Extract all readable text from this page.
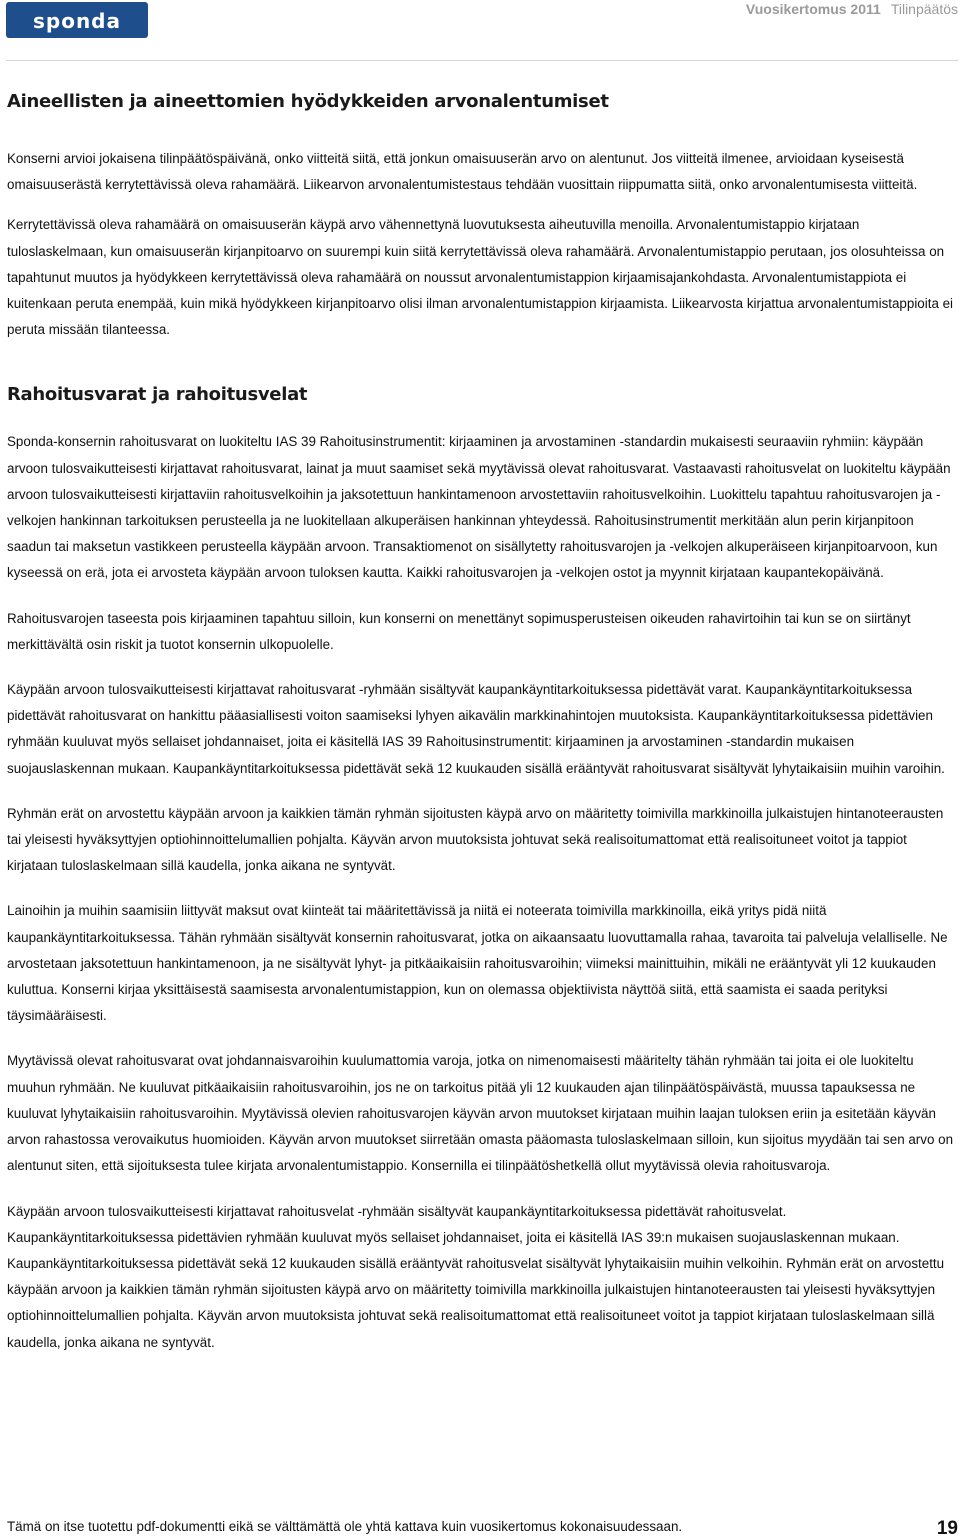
sponda	Vuosikertomus 2011 Tilinpäätös
Aineellisten ja aineettomien hyödykkeiden arvonalentumiset

Konserni arvioi jokaisena tilinpäätöspäivänä, onko viitteitä siitä, että jonkun omaisuuserän arvo on alentunut. Jos viitteitä ilmenee, arvioidaan kyseisestä omaisuuserästä kerrytettävissä oleva rahamäärä. Liikearvon arvonalentumistestaus tehdään vuosittain riippumatta siitä, onko arvonalentumisesta viitteitä.

Kerrytettävissä oleva rahamäärä on omaisuuserän käypä arvo vähennettynä luovutuksesta aiheutuvilla menoilla. Arvonalentumistappio kirjataan tuloslaskelmaan, kun omaisuuserän kirjanpitoarvo on suurempi kuin siitä kerrytettävissä oleva rahamäärä. Arvonalentumistappio perutaan, jos olosuhteissa on tapahtunut muutos ja hyödykkeen kerrytettävissä oleva rahamäärä on noussut arvonalentumistappion kirjaamisajankohdasta. Arvonalentumistappiota ei kuitenkaan peruta enempää, kuin mikä hyödykkeen kirjanpitoarvo olisi ilman arvonalentumistappion kirjaamista. Liikearvosta kirjattua arvonalentumistappioita ei peruta missään tilanteessa.

Rahoitusvarat ja rahoitusvelat

Sponda-konsernin rahoitusvarat on luokiteltu IAS 39 Rahoitusinstrumentit: kirjaaminen ja arvostaminen -standardin mukaisesti seuraaviin ryhmiin: käypään arvoon tulosvaikutteisesti kirjattavat rahoitusvarat, lainat ja muut saamiset sekä myytävissä olevat rahoitusvarat. Vastaavasti rahoitusvelat on luokiteltu käypään arvoon tulosvaikutteisesti kirjattaviin rahoitusvelkoihin ja jaksotettuun hankintamenoon arvostettaviin rahoitusvelkoihin. Luokittelu tapahtuu rahoitusvarojen ja -velkojen hankinnan tarkoituksen perusteella ja ne luokitellaan alkuperäisen hankinnan yhteydessä. Rahoitusinstrumentit merkitään alun perin kirjanpitoon saadun tai maksetun vastikkeen perusteella käypään arvoon. Transaktiomenot on sisällytetty rahoitusvarojen ja -velkojen alkuperäiseen kirjanpitoarvoon, kun kyseessä on erä, jota ei arvosteta käypään arvoon tuloksen kautta. Kaikki rahoitusvarojen ja -velkojen ostot ja myynnit kirjataan kaupantekopäivänä.

Rahoitusvarojen taseesta pois kirjaaminen tapahtuu silloin, kun konserni on menettänyt sopimusperusteisen oikeuden rahavirtoihin tai kun se on siirtänyt merkittävältä osin riskit ja tuotot konsernin ulkopuolelle.

Käypään arvoon tulosvaikutteisesti kirjattavat rahoitusvarat -ryhmään sisältyvät kaupankäyntitarkoituksessa pidettävät varat. Kaupankäyntitarkoituksessa pidettävät rahoitusvarat on hankittu pääasiallisesti voiton saamiseksi lyhyen aikavälin markkinahintojen muutoksista. Kaupankäyntitarkoituksessa pidettävien ryhmään kuuluvat myös sellaiset johdannaiset, joita ei käsitellä IAS 39 Rahoitusinstrumentit: kirjaaminen ja arvostaminen -standardin mukaisen suojauslaskennan mukaan. Kaupankäyntitarkoituksessa pidettävät sekä 12 kuukauden sisällä erääntyvät rahoitusvarat sisältyvät lyhytaikaisiin muihin varoihin.

Ryhmän erät on arvostettu käypään arvoon ja kaikkien tämän ryhmän sijoitusten käypä arvo on määritetty toimivilla markkinoilla julkaistujen hintanoteerausten tai yleisesti hyväksyttyjen optiohinnoittelumallien pohjalta. Käyvän arvon muutoksista johtuvat sekä realisoitumattomat että realisoituneet voitot ja tappiot kirjataan tuloslaskelmaan sillä kaudella, jonka aikana ne syntyvät.

Lainoihin ja muihin saamisiin liittyvät maksut ovat kiinteät tai määritettävissä ja niitä ei noteerata toimivilla markkinoilla, eikä yritys pidä niitä kaupankäyntitarkoituksessa. Tähän ryhmään sisältyvät konsernin rahoitusvarat, jotka on aikaansaatu luovuttamalla rahaa, tavaroita tai palveluja velalliselle. Ne arvostetaan jaksotettuun hankintamenoon, ja ne sisältyvät lyhyt- ja pitkäaikaisiin rahoitusvaroihin; viimeksi mainittuihin, mikäli ne erääntyvät yli 12 kuukauden kuluttua. Konserni kirjaa yksittäisestä saamisesta arvonalentumistappion, kun on olemassa objektiivista näyttöä siitä, että saamista ei saada perityksi täysimääräisesti.

Myytävissä olevat rahoitusvarat ovat johdannaisvaroihin kuulumattomia varoja, jotka on nimenomaisesti määritelty tähän ryhmään tai joita ei ole luokiteltu muuhun ryhmään. Ne kuuluvat pitkäaikaisiin rahoitusvaroihin, jos ne on tarkoitus pitää yli 12 kuukauden ajan tilinpäätöspäivästä, muussa tapauksessa ne kuuluvat lyhytaikaisiin rahoitusvaroihin. Myytävissä olevien rahoitusvarojen käyvän arvon muutokset kirjataan muihin laajan tuloksen eriin ja esitetään käyvän arvon rahastossa verovaikutus huomioiden. Käyvän arvon muutokset siirretään omasta pääomasta tuloslaskelmaan silloin, kun sijoitus myydään tai sen arvo on alentunut siten, että sijoituksesta tulee kirjata arvonalentumistappio. Konsernilla ei tilinpäätöshetkellä ollut myytävissä olevia rahoitusvaroja.

Käypään arvoon tulosvaikutteisesti kirjattavat rahoitusvelat -ryhmään sisältyvät kaupankäyntitarkoituksessa pidettävät rahoitusvelat. Kaupankäyntitarkoituksessa pidettävien ryhmään kuuluvat myös sellaiset johdannaiset, joita ei käsitellä IAS 39:n mukaisen suojauslaskennan mukaan. Kaupankäyntitarkoituksessa pidettävät sekä 12 kuukauden sisällä erääntyvät rahoitusvelat sisältyvät lyhytaikaisiin muihin velkoihin. Ryhmän erät on arvostettu käypään arvoon ja kaikkien tämän ryhmän sijoitusten käypä arvo on määritetty toimivilla markkinoilla julkaistujen hintanoteerausten tai yleisesti hyväksyttyjen optiohinnoittelumallien pohjalta. Käyvän arvon muutoksista johtuvat sekä realisoitumattomat että realisoituneet voitot ja tappiot kirjataan tuloslaskelmaan sillä kaudella, jonka aikana ne syntyvät.

Tämä on itse tuotettu pdf-dokumentti eikä se välttämättä ole yhtä kattava kuin vuosikertomus kokonaisuudessaan.	19
